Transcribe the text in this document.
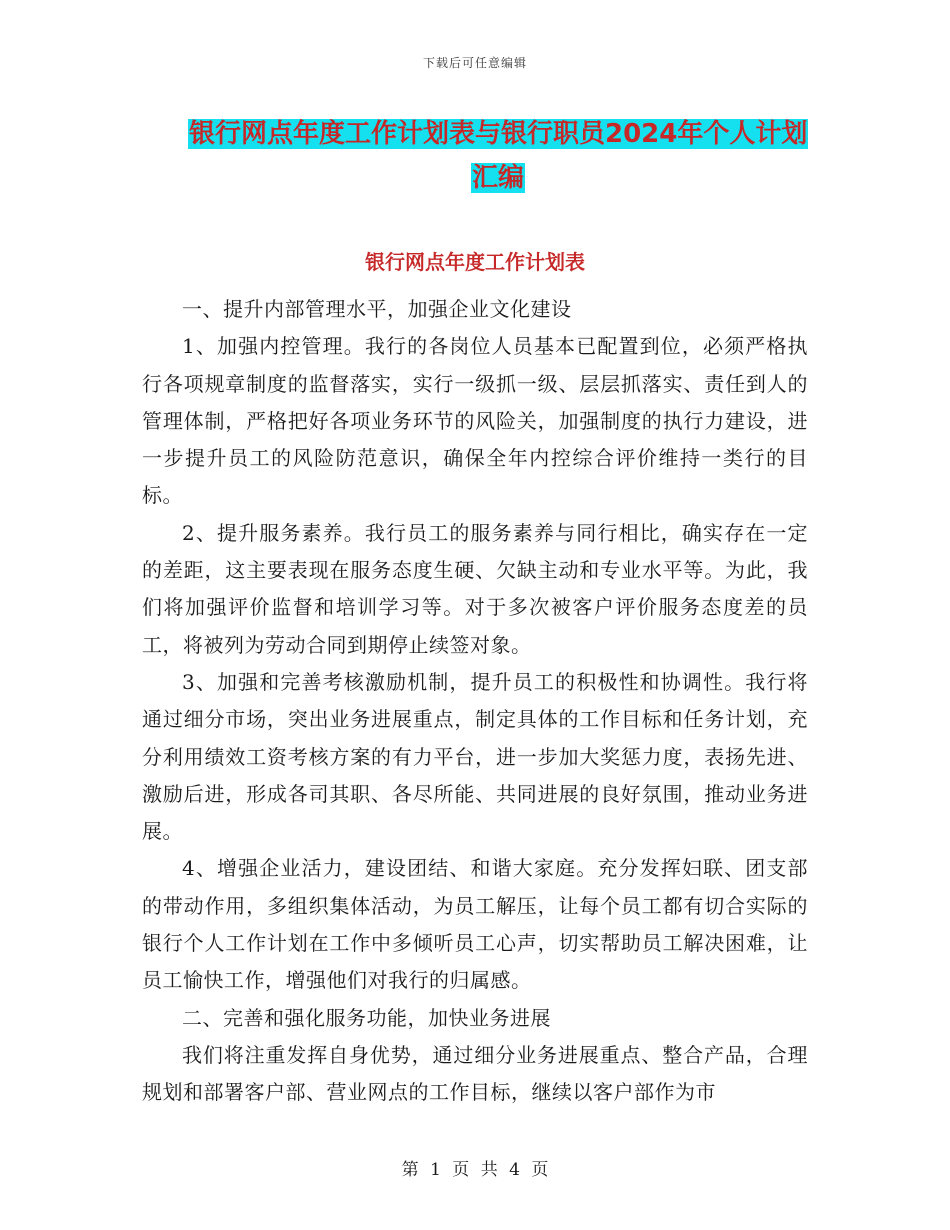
下载后可任意编辑
银行网点年度工作计划表与银行职员2024年个人计划汇编
银行网点年度工作计划表

一、提升内部管理水平，加强企业文化建设

1、加强内控管理。我行的各岗位人员基本已配置到位，必须严格执行各项规章制度的监督落实，实行一级抓一级、层层抓落实、责任到人的管理体制，严格把好各项业务环节的风险关，加强制度的执行力建设，进一步提升员工的风险防范意识，确保全年内控综合评价维持一类行的目标。

2、提升服务素养。我行员工的服务素养与同行相比，确实存在一定的差距，这主要表现在服务态度生硬、欠缺主动和专业水平等。为此，我们将加强评价监督和培训学习等。对于多次被客户评价服务态度差的员工，将被列为劳动合同到期停止续签对象。

3、加强和完善考核激励机制，提升员工的积极性和协调性。我行将通过细分市场，突出业务进展重点，制定具体的工作目标和任务计划，充分利用绩效工资考核方案的有力平台，进一步加大奖惩力度，表扬先进、激励后进，形成各司其职、各尽所能、共同进展的良好氛围，推动业务进展。

4、增强企业活力，建设团结、和谐大家庭。充分发挥妇联、团支部的带动作用，多组织集体活动，为员工解压，让每个员工都有切合实际的银行个人工作计划在工作中多倾听员工心声，切实帮助员工解决困难，让员工愉快工作，增强他们对我行的归属感。

二、完善和强化服务功能，加快业务进展

我们将注重发挥自身优势，通过细分业务进展重点、整合产品，合理规划和部署客户部、营业网点的工作目标，继续以客户部作为市

第 1 页 共 4 页
